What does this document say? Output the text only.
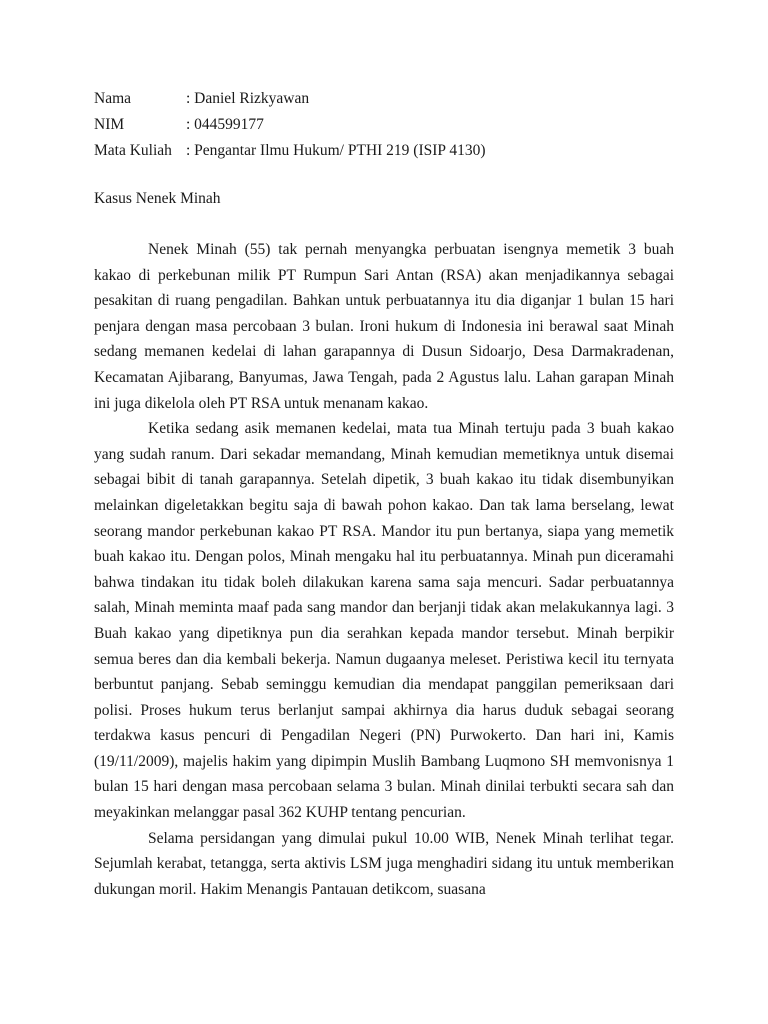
Nama	: Daniel Rizkyawan
NIM	: 044599177
Mata Kuliah : Pengantar Ilmu Hukum/ PTHI 219 (ISIP 4130)
Kasus Nenek Minah

Nenek Minah (55) tak pernah menyangka perbuatan isengnya memetik 3 buah kakao di perkebunan milik PT Rumpun Sari Antan (RSA) akan menjadikannya sebagai pesakitan di ruang pengadilan. Bahkan untuk perbuatannya itu dia diganjar 1 bulan 15 hari penjara dengan masa percobaan 3 bulan. Ironi hukum di Indonesia ini berawal saat Minah sedang memanen kedelai di lahan garapannya di Dusun Sidoarjo, Desa Darmakradenan, Kecamatan Ajibarang, Banyumas, Jawa Tengah, pada 2 Agustus lalu. Lahan garapan Minah ini juga dikelola oleh PT RSA untuk menanam kakao.

Ketika sedang asik memanen kedelai, mata tua Minah tertuju pada 3 buah kakao yang sudah ranum. Dari sekadar memandang, Minah kemudian memetiknya untuk disemai sebagai bibit di tanah garapannya. Setelah dipetik, 3 buah kakao itu tidak disembunyikan melainkan digeletakkan begitu saja di bawah pohon kakao. Dan tak lama berselang, lewat seorang mandor perkebunan kakao PT RSA. Mandor itu pun bertanya, siapa yang memetik buah kakao itu. Dengan polos, Minah mengaku hal itu perbuatannya. Minah pun diceramahi bahwa tindakan itu tidak boleh dilakukan karena sama saja mencuri. Sadar perbuatannya salah, Minah meminta maaf pada sang mandor dan berjanji tidak akan melakukannya lagi. 3 Buah kakao yang dipetiknya pun dia serahkan kepada mandor tersebut. Minah berpikir semua beres dan dia kembali bekerja. Namun dugaanya meleset. Peristiwa kecil itu ternyata berbuntut panjang. Sebab seminggu kemudian dia mendapat panggilan pemeriksaan dari polisi. Proses hukum terus berlanjut sampai akhirnya dia harus duduk sebagai seorang terdakwa kasus pencuri di Pengadilan Negeri (PN) Purwokerto. Dan hari ini, Kamis (19/11/2009), majelis hakim yang dipimpin Muslih Bambang Luqmono SH memvonisnya 1 bulan 15 hari dengan masa percobaan selama 3 bulan. Minah dinilai terbukti secara sah dan meyakinkan melanggar pasal 362 KUHP tentang pencurian.

Selama persidangan yang dimulai pukul 10.00 WIB, Nenek Minah terlihat tegar. Sejumlah kerabat, tetangga, serta aktivis LSM juga menghadiri sidang itu untuk memberikan dukungan moril. Hakim Menangis Pantauan detikcom, suasana
